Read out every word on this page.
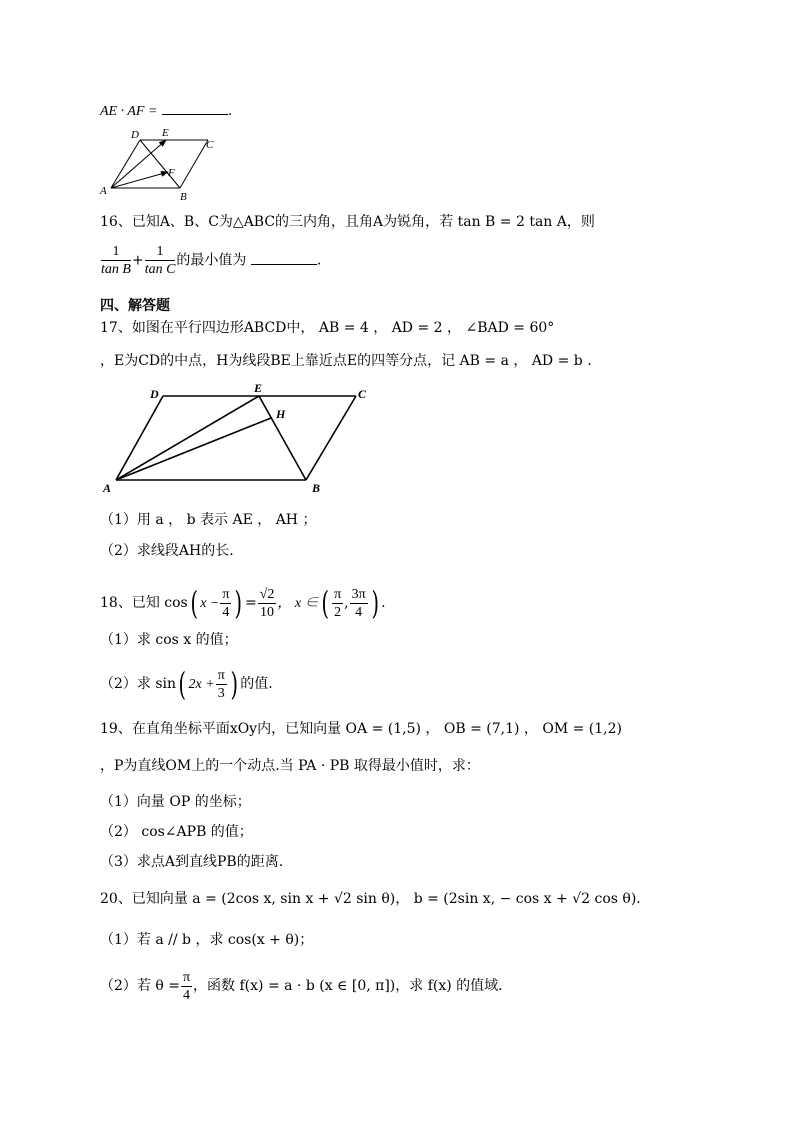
AE · AF =	.
D E
C
F
A	B
16、已知A、B、C为△ABC的三内角，且角A为锐角，若 tan B = 2 tan A，则
$\frac{1}{\text{tan B}} + \frac{1}{\text{tan C}}$ 的最小值为	.
四、解答题
17、如图在平行四边形ABCD中， AB = 4 ， AD = 2 ， ∠BAD = 60°
，E为CD的中点，H为线段BE上靠近点E的四等分点，记 AB = a ， AD = b .
D	E	C
H
A	B
（1）用 a ， b 表示 AE ， AH ；
（2）求线段AH的长.
18、已知 cos( $x - \frac{\pi}{4}$ ) = $\frac{√2}{10}$ ， x ∈( $\frac{\pi}{2}$ , $\frac{3\pi}{4}$ ) .
（1）求 cos x 的值；
（2）求 sin( $2x + \frac{\pi}{3}$ ) 的值.
19、在直角坐标平面xOy内，已知向量 OA = (1,5) ， OB = (7,1) ， OM = (1,2)
，P为直线OM上的一个动点.当 PA · PB 取得最小值时，求：
（1）向量 OP 的坐标；
（2） cos∠APB 的值；
（3）求点A到直线PB的距离.
20、已知向量 a = (2cos x, sin x + √2 sin θ)， b = (2sin x, − cos x + √2 cos θ).
（1）若 a // b ，求 cos(x + θ)；
（2）若 $\theta = \frac{\pi}{4}$ ，函数 f(x) = a · b (x ∈ [0, π])，求 f(x) 的值域.
